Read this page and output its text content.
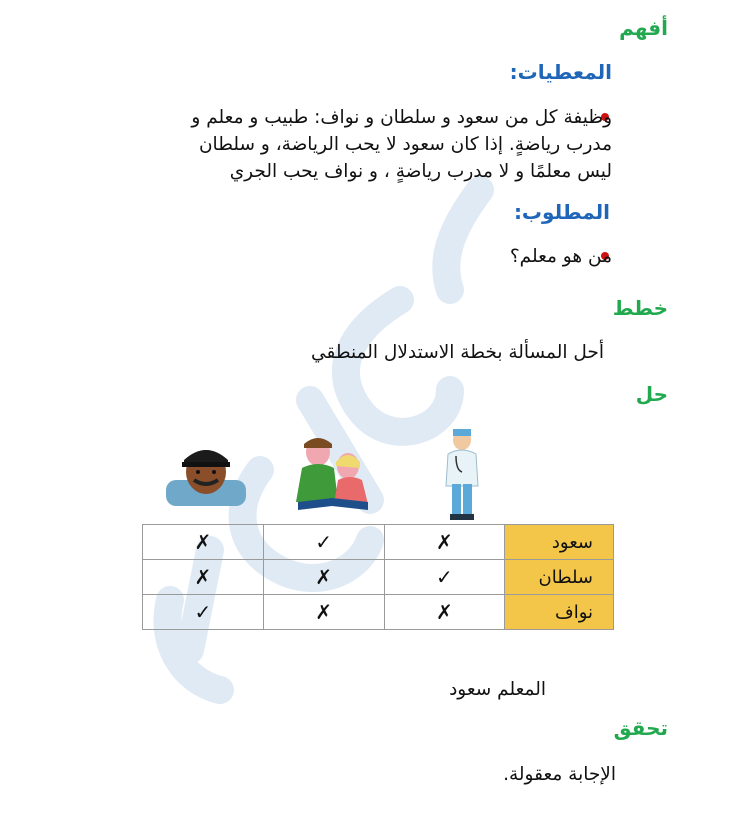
أفهم
المعطيات:
وظيفة كل من سعود و سلطان و نواف: طبيب و معلم و
مدرب رياضةٍ. إذا كان سعود لا يحب الرياضة، و سلطان
ليس معلمًا و لا مدرب رياضةٍ ، و نواف يحب الجري
المطلوب:
من هو معلم؟
خطط
أحل المسألة بخطة الاستدلال المنطقي
حل
✗	✓	✗	سعود
✗	✗	✓	سلطان
✓	✗	✗	نواف
المعلم سعود
تحقق
الإجابة معقولة.
